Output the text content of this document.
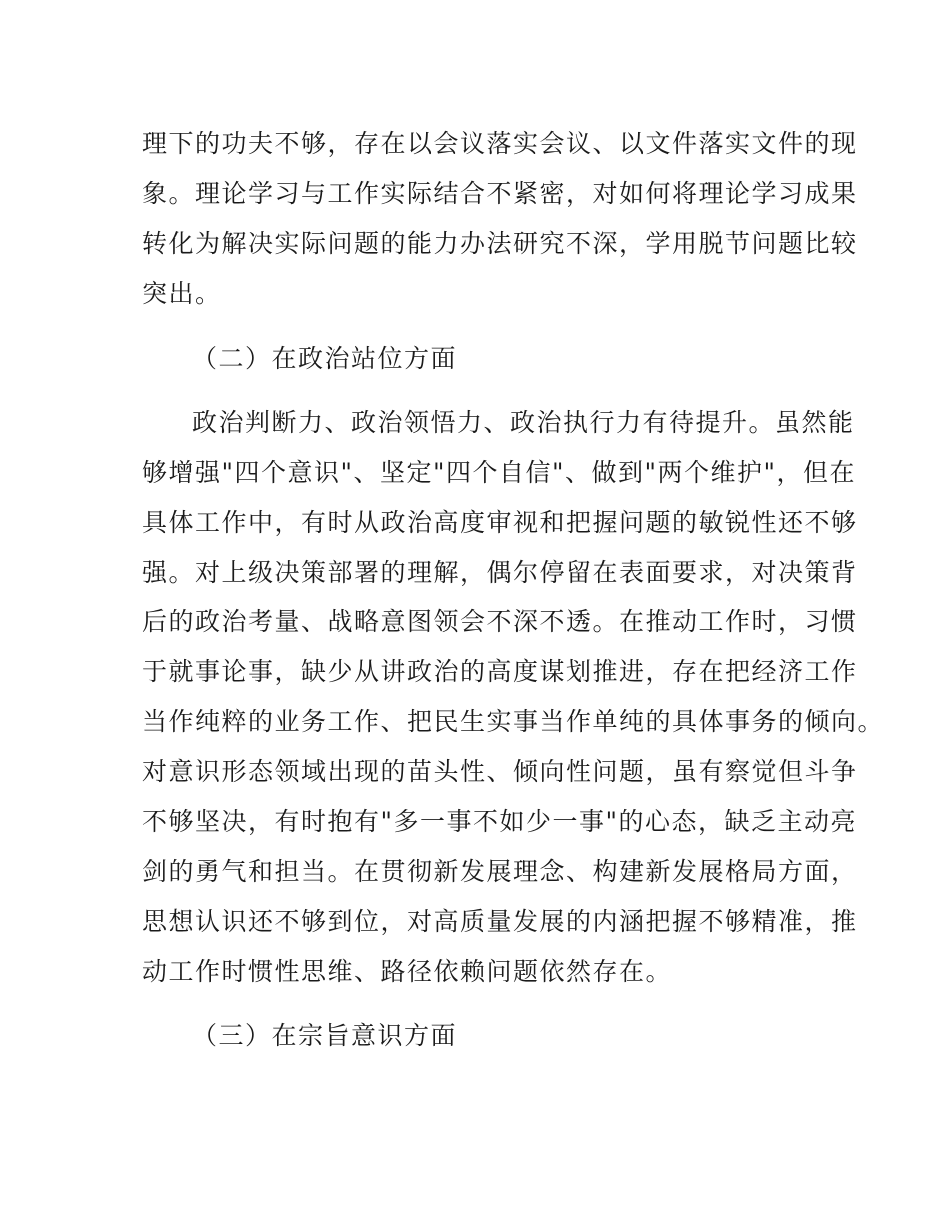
理下的功夫不够，存在以会议落实会议、以文件落实文件的现
象。理论学习与工作实际结合不紧密，对如何将理论学习成果
转化为解决实际问题的能力办法研究不深，学用脱节问题比较
突出。
（二）在政治站位方面
政治判断力、政治领悟力、政治执行力有待提升。虽然能
够增强"四个意识"、坚定"四个自信"、做到"两个维护"，但在
具体工作中，有时从政治高度审视和把握问题的敏锐性还不够
强。对上级决策部署的理解，偶尔停留在表面要求，对决策背
后的政治考量、战略意图领会不深不透。在推动工作时，习惯
于就事论事，缺少从讲政治的高度谋划推进，存在把经济工作
当作纯粹的业务工作、把民生实事当作单纯的具体事务的倾向。
对意识形态领域出现的苗头性、倾向性问题，虽有察觉但斗争
不够坚决，有时抱有"多一事不如少一事"的心态，缺乏主动亮
剑的勇气和担当。在贯彻新发展理念、构建新发展格局方面，
思想认识还不够到位，对高质量发展的内涵把握不够精准，推
动工作时惯性思维、路径依赖问题依然存在。
（三）在宗旨意识方面
